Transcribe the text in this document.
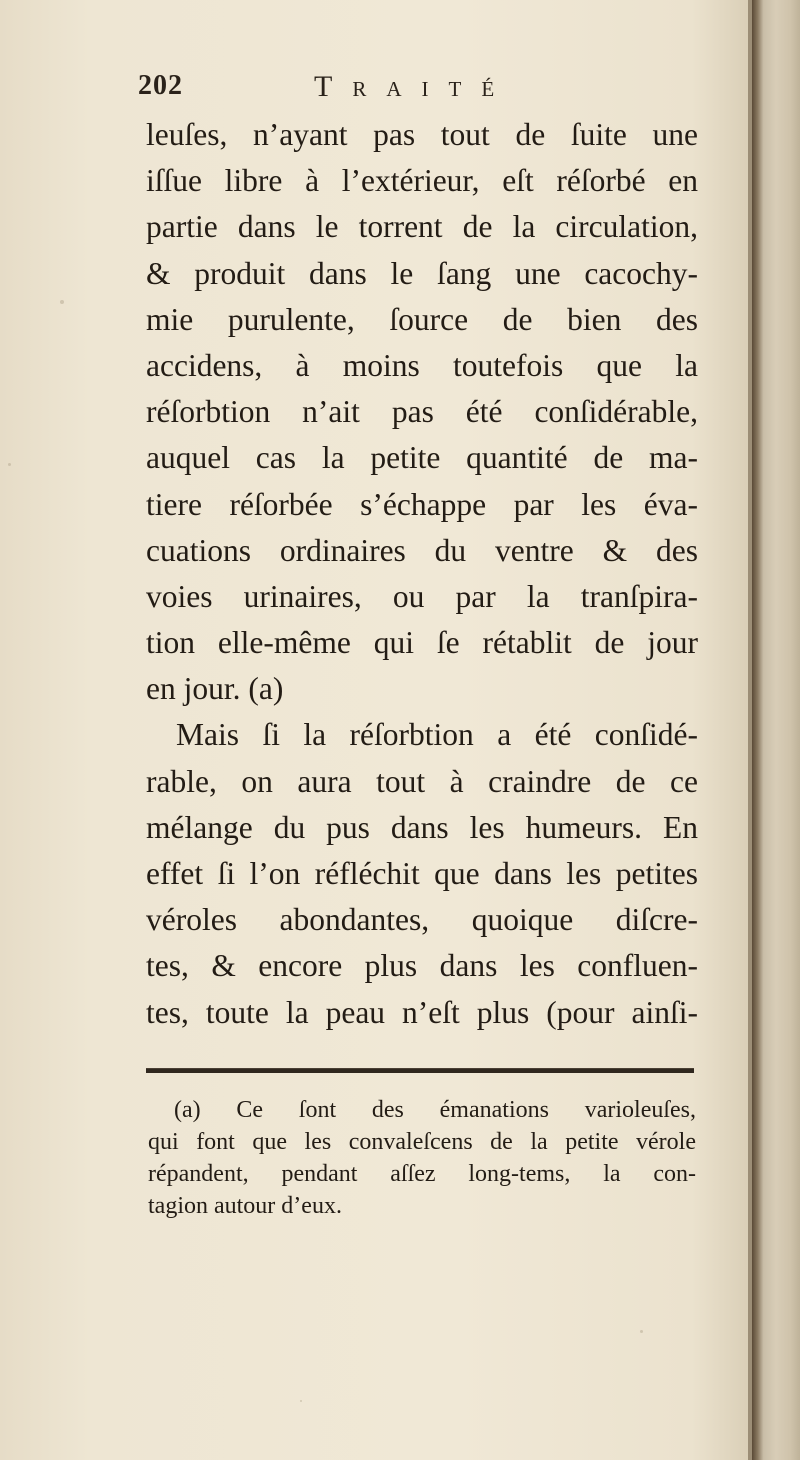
202	Traité
leuſes, n’ayant pas tout de ſuite une
iſſue libre à l’extérieur, eſt réſorbé en
partie dans le torrent de la circulation,
& produit dans le ſang une cacochy-
mie purulente, ſource de bien des
accidens, à moins toutefois que la
réſorbtion n’ait pas été conſidérable,
auquel cas la petite quantité de ma-
tiere réſorbée s’échappe par les éva-
cuations ordinaires du ventre & des
voies urinaires, ou par la tranſpira-
tion elle-même qui ſe rétablit de jour
en jour. (a)
Mais ſi la réſorbtion a été conſidé-
rable, on aura tout à craindre de ce
mélange du pus dans les humeurs. En
effet ſi l’on réfléchit que dans les petites
véroles abondantes, quoique diſcre-
tes, & encore plus dans les confluen-
tes, toute la peau n’eſt plus (pour ainſi-
(a) Ce ſont des émanations varioleuſes,
qui font que les convaleſcens de la petite vérole
répandent, pendant aſſez long-tems, la con-
tagion autour d’eux.
